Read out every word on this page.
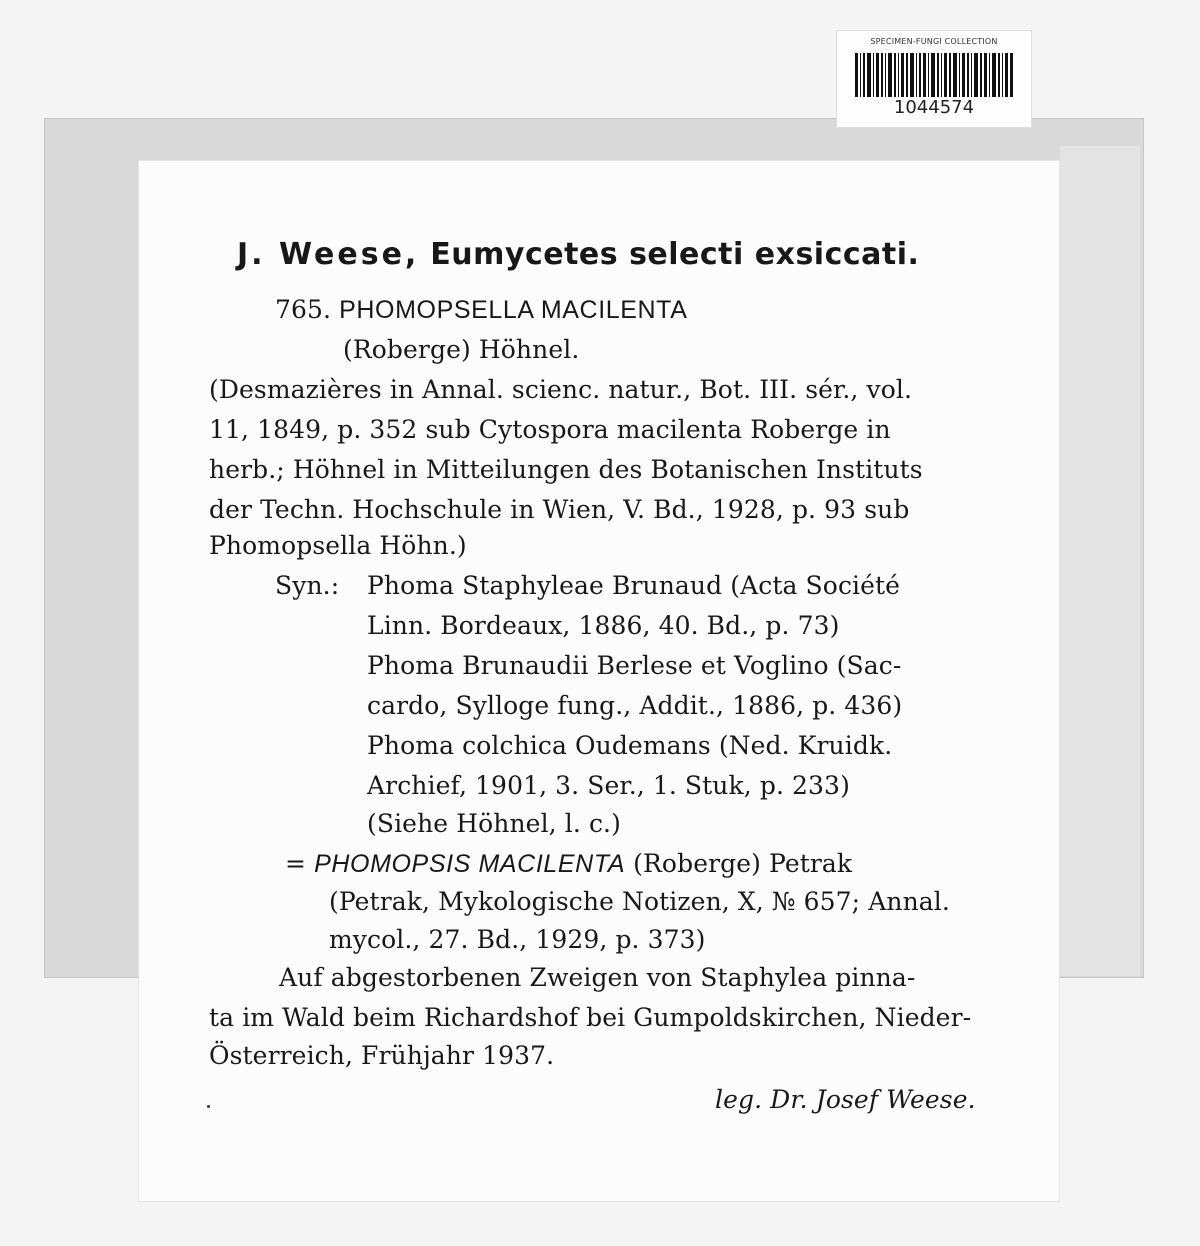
SPECIMEN-FUNGI COLLECTION
1044574
J. Weese, Eumycetes selecti exsiccati.
765. PHOMOPSELLA MACILENTA
(Roberge) Höhnel.
(Desmazières in Annal. scienc. natur., Bot. III. sér., vol.
11, 1849, p. 352 sub Cytospora macilenta Roberge in
herb.; Höhnel in Mitteilungen des Botanischen Instituts
der Techn. Hochschule in Wien, V. Bd., 1928, p. 93 sub
Phomopsella Höhn.)
Syn.: Phoma Staphyleae Brunaud (Acta Société
Linn. Bordeaux, 1886, 40. Bd., p. 73)
Phoma Brunaudii Berlese et Voglino (Sac-
cardo, Sylloge fung., Addit., 1886, p. 436)
Phoma colchica Oudemans (Ned. Kruidk.
Archief, 1901, 3. Ser., 1. Stuk, p. 233)
(Siehe Höhnel, l. c.)
= PHOMOPSIS MACILENTA (Roberge) Petrak
(Petrak, Mykologische Notizen, X, № 657; Annal.
mycol., 27. Bd., 1929, p. 373)
Auf abgestorbenen Zweigen von Staphylea pinna-
ta im Wald beim Richardshof bei Gumpoldskirchen, Nieder-
Österreich, Frühjahr 1937.
leg. Dr. Josef Weese.
